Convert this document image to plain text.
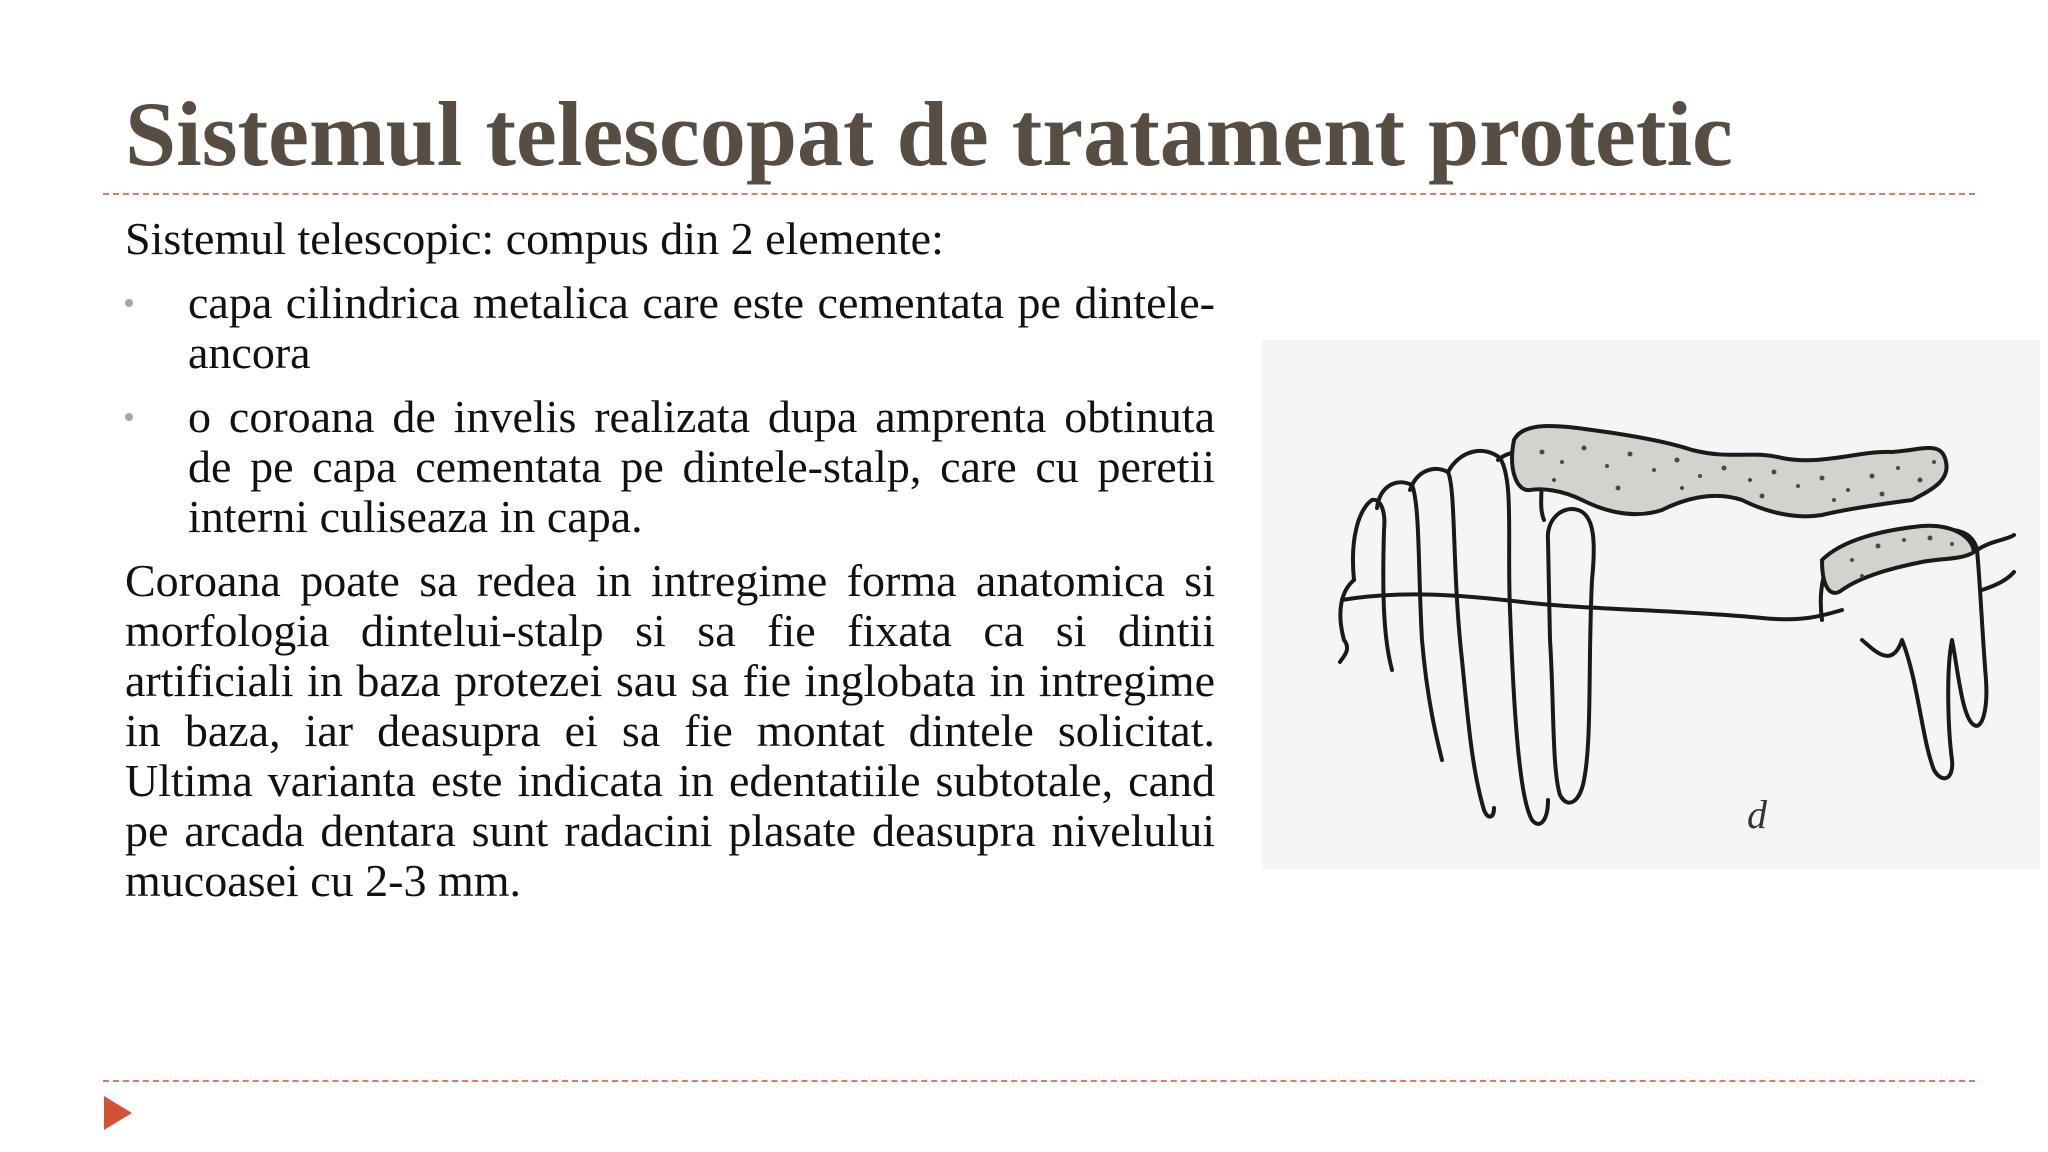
Sistemul telescopat de tratament protetic

Sistemul telescopic: compus din 2 elemente:

capa cilindrica metalica care este cementata pe dintele-ancora
o coroana de invelis realizata dupa amprenta obtinuta de pe capa cementata pe dintele-stalp, care cu peretii interni culiseaza in capa.

Coroana poate sa redea in intregime forma anatomica si morfologia dintelui-stalp si sa fie fixata ca si dintii artificiali in baza protezei sau sa fie inglobata in intregime in baza, iar deasupra ei sa fie montat dintele solicitat. Ultima varianta este indicata in edentatiile subtotale, cand pe arcada dentara sunt radacini plasate deasupra nivelului mucoasei cu 2-3 mm.

d
